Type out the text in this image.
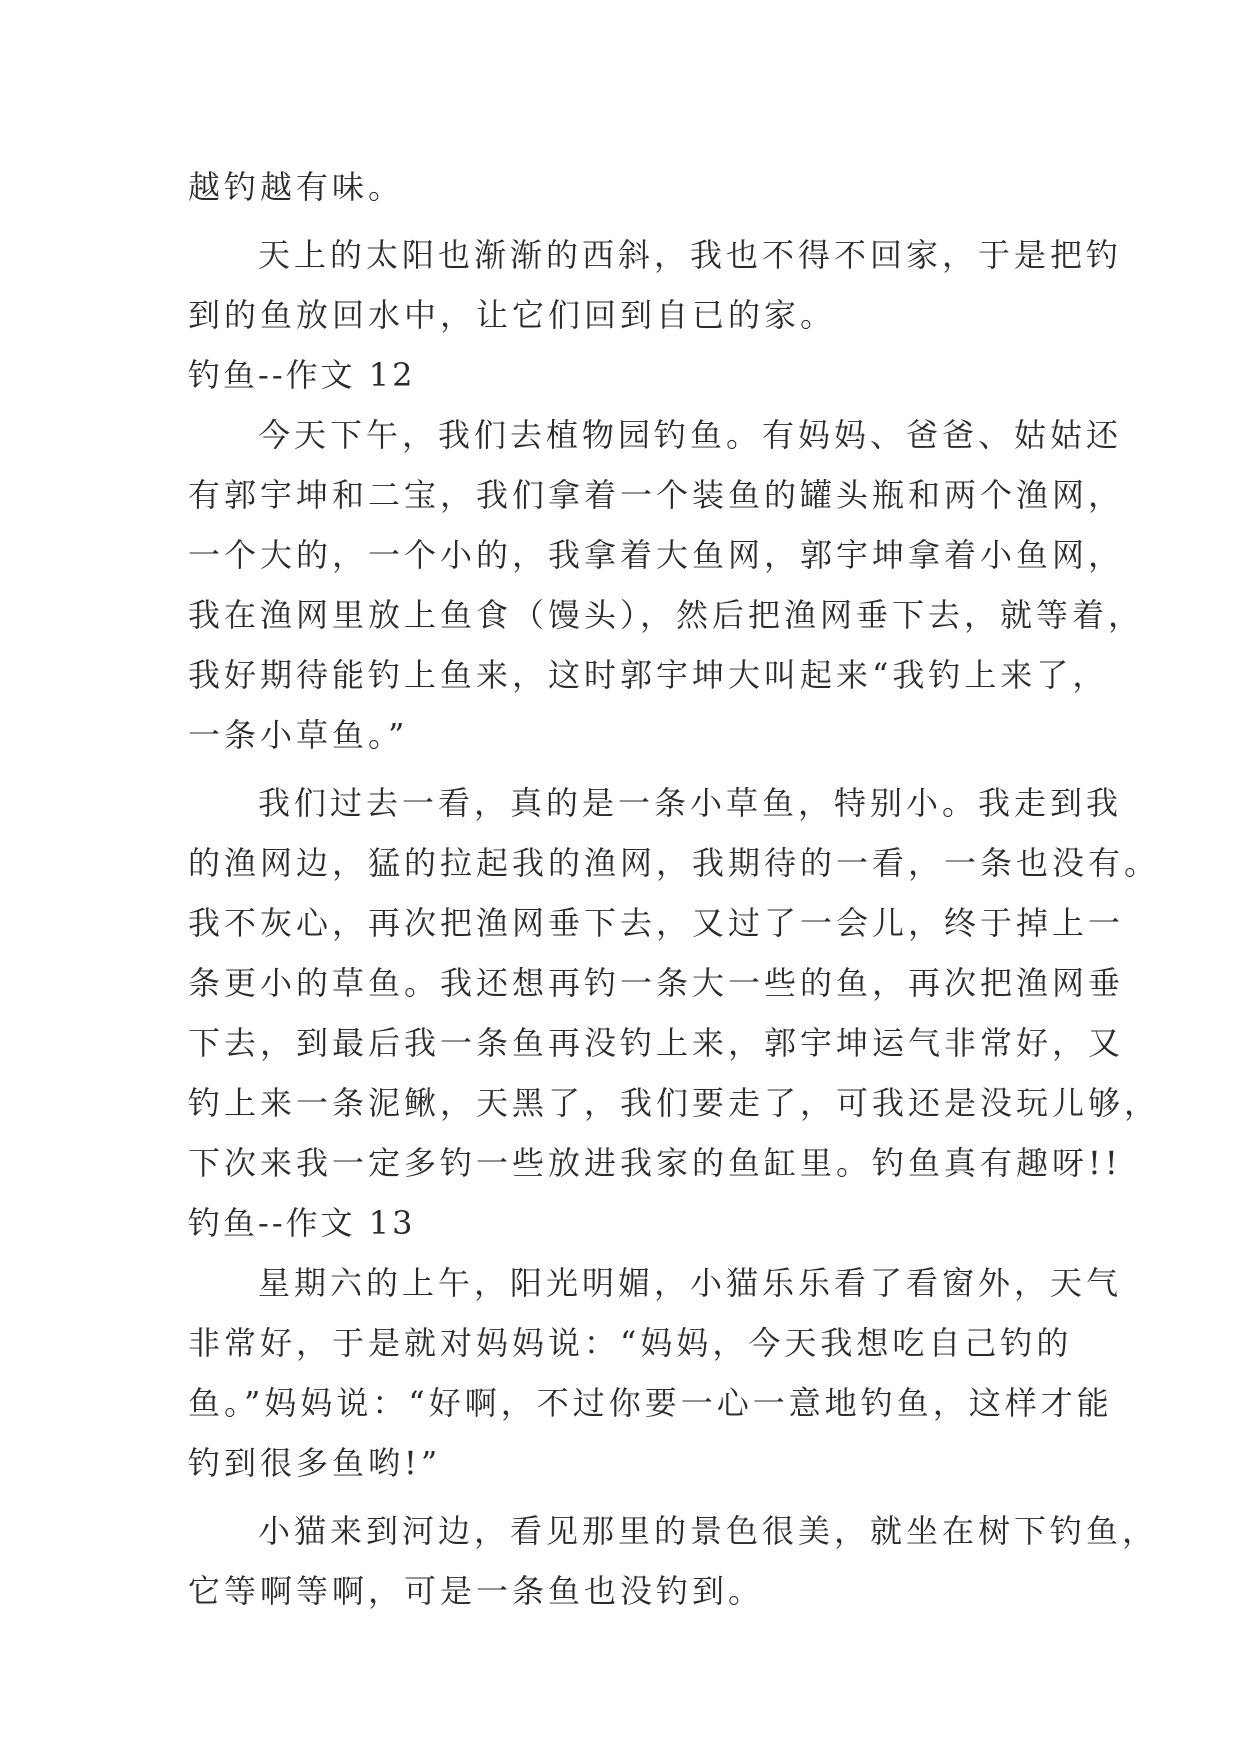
越钓越有味。
天上的太阳也渐渐的西斜，我也不得不回家，于是把钓
到的鱼放回水中，让它们回到自已的家。
钓鱼--作文 12
今天下午，我们去植物园钓鱼。有妈妈、爸爸、姑姑还
有郭宇坤和二宝，我们拿着一个装鱼的罐头瓶和两个渔网，
一个大的，一个小的，我拿着大鱼网，郭宇坤拿着小鱼网，
我在渔网里放上鱼食（馒头），然后把渔网垂下去，就等着，
我好期待能钓上鱼来，这时郭宇坤大叫起来“我钓上来了，
一条小草鱼。”
我们过去一看，真的是一条小草鱼，特别小。我走到我
的渔网边，猛的拉起我的渔网，我期待的一看，一条也没有。
我不灰心，再次把渔网垂下去，又过了一会儿，终于掉上一
条更小的草鱼。我还想再钓一条大一些的鱼，再次把渔网垂
下去，到最后我一条鱼再没钓上来，郭宇坤运气非常好，又
钓上来一条泥鳅，天黑了，我们要走了，可我还是没玩儿够，
下次来我一定多钓一些放进我家的鱼缸里。钓鱼真有趣呀!!
钓鱼--作文 13
星期六的上午，阳光明媚，小猫乐乐看了看窗外，天气
非常好，于是就对妈妈说：“妈妈，今天我想吃自己钓的
鱼。”妈妈说：“好啊，不过你要一心一意地钓鱼，这样才能
钓到很多鱼哟!”
小猫来到河边，看见那里的景色很美，就坐在树下钓鱼，
它等啊等啊，可是一条鱼也没钓到。
